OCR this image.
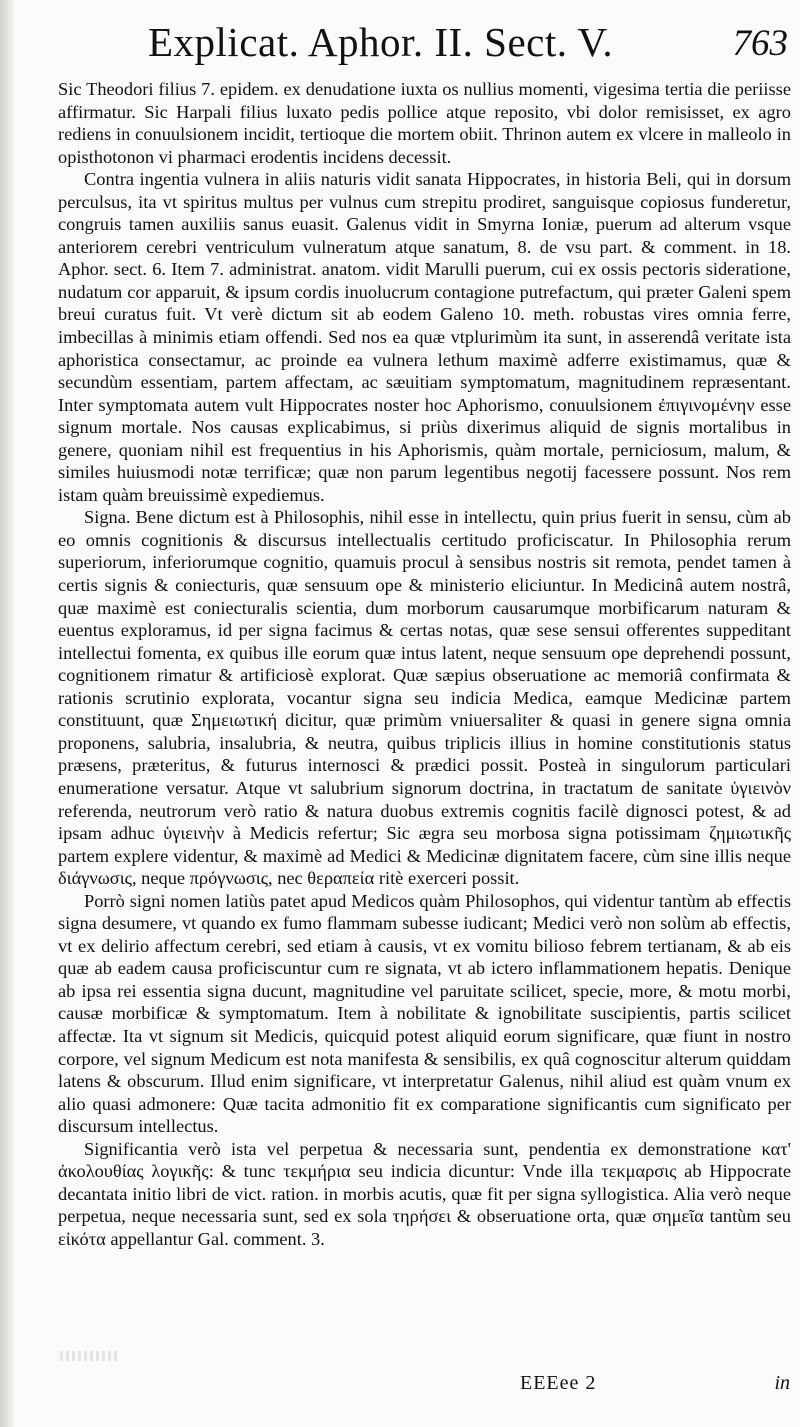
Explicat. Aphor. II. Sect. V.	763

Sic Theodori filius 7. epidem. ex denudatione iuxta os nullius momenti, vigesima tertia die periisse affirmatur. Sic Harpali filius luxato pedis pollice atque reposito, vbi dolor remisisset, ex agro rediens in conuulsionem incidit, tertioque die mortem obiit. Thrinon autem ex vlcere in malleolo in opisthotonon vi pharmaci erodentis incidens decessit.

Contra ingentia vulnera in aliis naturis vidit sanata Hippocrates, in historia Beli, qui in dorsum perculsus, ita vt spiritus multus per vulnus cum strepitu prodiret, sanguisque copiosus funderetur, congruis tamen auxiliis sanus euasit. Galenus vidit in Smyrna Ioniæ, puerum ad alterum vsque anteriorem cerebri ventriculum vulneratum atque sanatum, 8. de vsu part. & comment. in 18. Aphor. sect. 6. Item 7. administrat. anatom. vidit Marulli puerum, cui ex ossis pectoris sideratione, nudatum cor apparuit, & ipsum cordis inuolucrum contagione putrefactum, qui præter Galeni spem breui curatus fuit. Vt verè dictum sit ab eodem Galeno 10. meth. robustas vires omnia ferre, imbecillas à minimis etiam offendi. Sed nos ea quæ vtplurimùm ita sunt, in asserendâ veritate ista aphoristica consectamur, ac proinde ea vulnera lethum maximè adferre existimamus, quæ & secundùm essentiam, partem affectam, ac sæuitiam symptomatum, magnitudinem repræsentant. Inter symptomata autem vult Hippocrates noster hoc Aphorismo, conuulsionem ἐπιγινομένην esse signum mortale. Nos causas explicabimus, si priùs dixerimus aliquid de signis mortalibus in genere, quoniam nihil est frequentius in his Aphorismis, quàm mortale, perniciosum, malum, & similes huiusmodi notæ terrificæ; quæ non parum legentibus negotij facessere possunt. Nos rem istam quàm breuissimè expediemus.

Signa. Bene dictum est à Philosophis, nihil esse in intellectu, quin prius fuerit in sensu, cùm ab eo omnis cognitionis & discursus intellectualis certitudo proficiscatur. In Philosophia rerum superiorum, inferiorumque cognitio, quamuis procul à sensibus nostris sit remota, pendet tamen à certis signis & coniecturis, quæ sensuum ope & ministerio eliciuntur. In Medicinâ autem nostrâ, quæ maximè est coniecturalis scientia, dum morborum causarumque morbificarum naturam & euentus exploramus, id per signa facimus & certas notas, quæ sese sensui offerentes suppeditant intellectui fomenta, ex quibus ille eorum quæ intus latent, neque sensuum ope deprehendi possunt, cognitionem rimatur & artificiosè explorat. Quæ sæpius obseruatione ac memoriâ confirmata & rationis scrutinio explorata, vocantur signa seu indicia Medica, eamque Medicinæ partem constituunt, quæ Σημειωτική dicitur, quæ primùm vniuersaliter & quasi in genere signa omnia proponens, salubria, insalubria, & neutra, quibus triplicis illius in homine constitutionis status præsens, præteritus, & futurus internosci & prædici possit. Posteà in singulorum particulari enumeratione versatur. Atque vt salubrium signorum doctrina, in tractatum de sanitate ὑγιεινὸν referenda, neutrorum verò ratio & natura duobus extremis cognitis facilè dignosci potest, & ad ipsam adhuc ὑγιεινὴν à Medicis refertur; Sic ægra seu morbosa signa potissimam ζημιωτικῆς partem explere videntur, & maximè ad Medici & Medicinæ dignitatem facere, cùm sine illis neque διάγνωσις, neque πρόγνωσις, nec θεραπεία ritè exerceri possit.

Porrò signi nomen latiùs patet apud Medicos quàm Philosophos, qui videntur tantùm ab effectis signa desumere, vt quando ex fumo flammam subesse iudicant; Medici verò non solùm ab effectis, vt ex delirio affectum cerebri, sed etiam à causis, vt ex vomitu bilioso febrem tertianam, & ab eis quæ ab eadem causa proficiscuntur cum re signata, vt ab ictero inflammationem hepatis. Denique ab ipsa rei essentia signa ducunt, magnitudine vel paruitate scilicet, specie, more, & motu morbi, causæ morbificæ & symptomatum. Item à nobilitate & ignobilitate suscipientis, partis scilicet affectæ. Ita vt signum sit Medicis, quicquid potest aliquid eorum significare, quæ fiunt in nostro corpore, vel signum Medicum est nota manifesta & sensibilis, ex quâ cognoscitur alterum quiddam latens & obscurum. Illud enim significare, vt interpretatur Galenus, nihil aliud est quàm vnum ex alio quasi admonere: Quæ tacita admonitio fit ex comparatione significantis cum significato per discursum intellectus.

Significantia verò ista vel perpetua & necessaria sunt, pendentia ex demonstratione κατ' ἀκολουθίας λογικῆς: & tunc τεκμήρια seu indicia dicuntur: Vnde illa τεκμαρσις ab Hippocrate decantata initio libri de vict. ration. in morbis acutis, quæ fit per signa syllogistica. Alia verò neque perpetua, neque necessaria sunt, sed ex sola τηρήσει & obseruatione orta, quæ σημεῖα tantùm seu εἰκότα appellantur Gal. comment. 3.

EEEee 2	in
